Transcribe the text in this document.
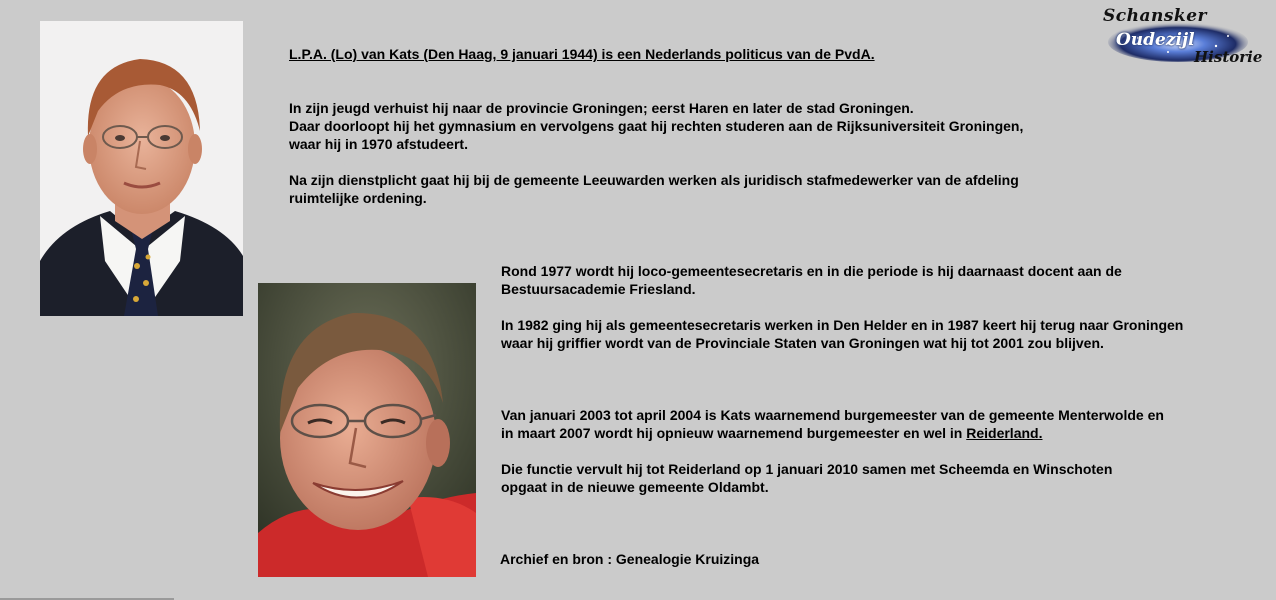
L.P.A. (Lo) van Kats (Den Haag, 9 januari 1944) is een Nederlands politicus van de PvdA.

In zijn jeugd verhuist hij naar de provincie Groningen; eerst Haren en later de stad Groningen.

Daar doorloopt hij het gymnasium en vervolgens gaat hij rechten studeren aan de Rijksuniversiteit Groningen,

waar hij in 1970 afstudeert.

Na zijn dienstplicht gaat hij bij de gemeente Leeuwarden werken als juridisch stafmedewerker van de afdeling

ruimtelijke ordening.

Rond 1977 wordt hij loco-gemeentesecretaris en in die periode is hij daarnaast docent aan de

Bestuursacademie Friesland.

In 1982 ging hij als gemeentesecretaris werken in Den Helder en in 1987 keert hij terug naar Groningen

waar hij griffier wordt van de Provinciale Staten van Groningen wat hij tot 2001 zou blijven.

Van januari 2003 tot april 2004 is Kats waarnemend burgemeester van de gemeente Menterwolde en

in maart 2007 wordt hij opnieuw waarnemend burgemeester en wel in Reiderland.

Die functie vervult hij tot Reiderland op 1 januari 2010 samen met Scheemda en Winschoten

opgaat in de nieuwe gemeente Oldambt.

Archief en bron : Genealogie Kruizinga
Schansker
Oudezijl
Historie
